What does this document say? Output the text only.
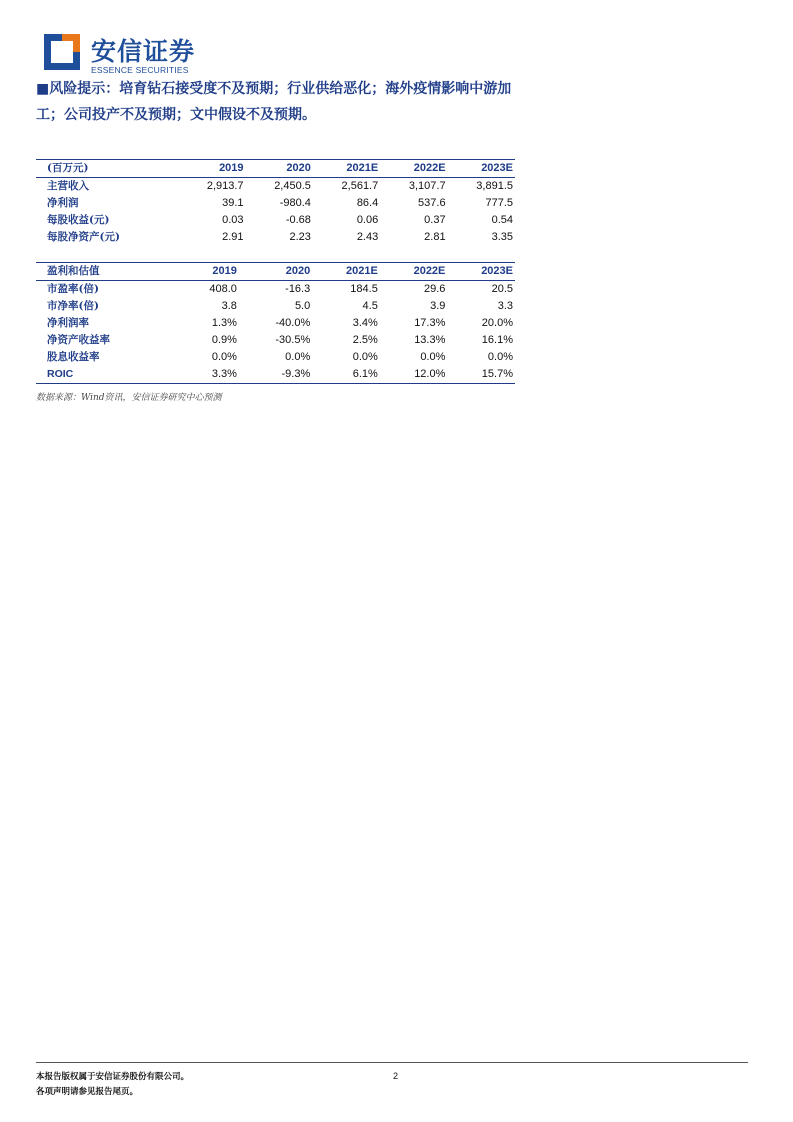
安信证券
ESSENCE SECURITIES
■风险提示：培育钻石接受度不及预期；行业供给恶化；海外疫情影响中游加工；公司投产不及预期；文中假设不及预期。
(百万元)	2019	2020	2021E	2022E	2023E
主营收入	2,913.7	2,450.5	2,561.7	3,107.7	3,891.5
净利润	39.1	-980.4	86.4	537.6	777.5
每股收益(元)	0.03	-0.68	0.06	0.37	0.54
每股净资产(元)	2.91	2.23	2.43	2.81	3.35
盈利和估值	2019	2020	2021E	2022E	2023E
市盈率(倍)	408.0	-16.3	184.5	29.6	20.5
市净率(倍)	3.8	5.0	4.5	3.9	3.3
净利润率	1.3%	-40.0%	3.4%	17.3%	20.0%
净资产收益率	0.9%	-30.5%	2.5%	13.3%	16.1%
股息收益率	0.0%	0.0%	0.0%	0.0%	0.0%
ROIC	3.3%	-9.3%	6.1%	12.0%	15.7%
数据来源：Wind资讯，安信证券研究中心预测
本报告版权属于安信证券股份有限公司。
各项声明请参见报告尾页。
2
